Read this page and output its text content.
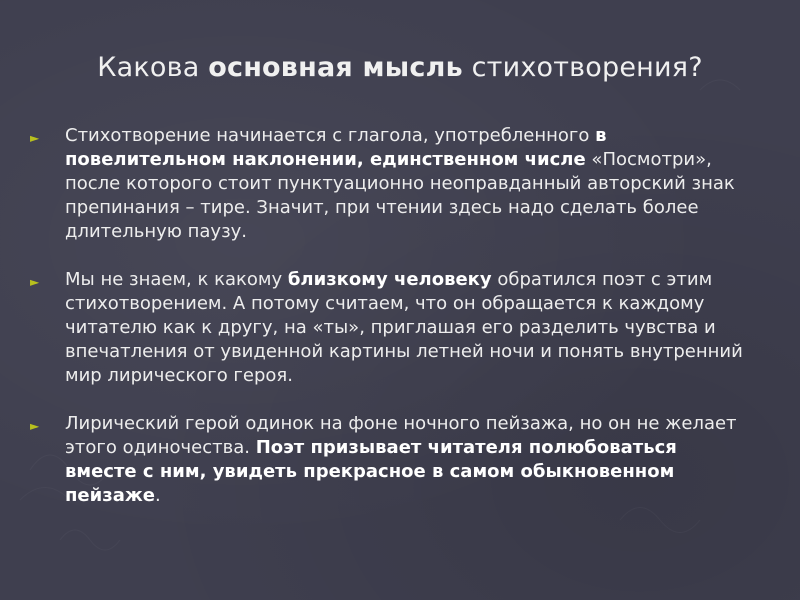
Какова основная мысль стихотворения?
► Стихотворение начинается с глагола, употребленного в повелительном наклонении, единственном числе «Посмотри», после которого стоит пунктуационно неоправданный авторский знак препинания – тире. Значит, при чтении здесь надо сделать более длительную паузу.
► Мы не знаем, к какому близкому человеку обратился поэт с этим стихотворением. А потому считаем, что он обращается к каждому читателю как к другу, на «ты», приглашая его разделить чувства и впечатления от увиденной картины летней ночи и понять внутренний мир лирического героя.
► Лирический герой одинок на фоне ночного пейзажа, но он не желает этого одиночества. Поэт призывает читателя полюбоваться вместе с ним, увидеть прекрасное в самом обыкновенном пейзаже.
